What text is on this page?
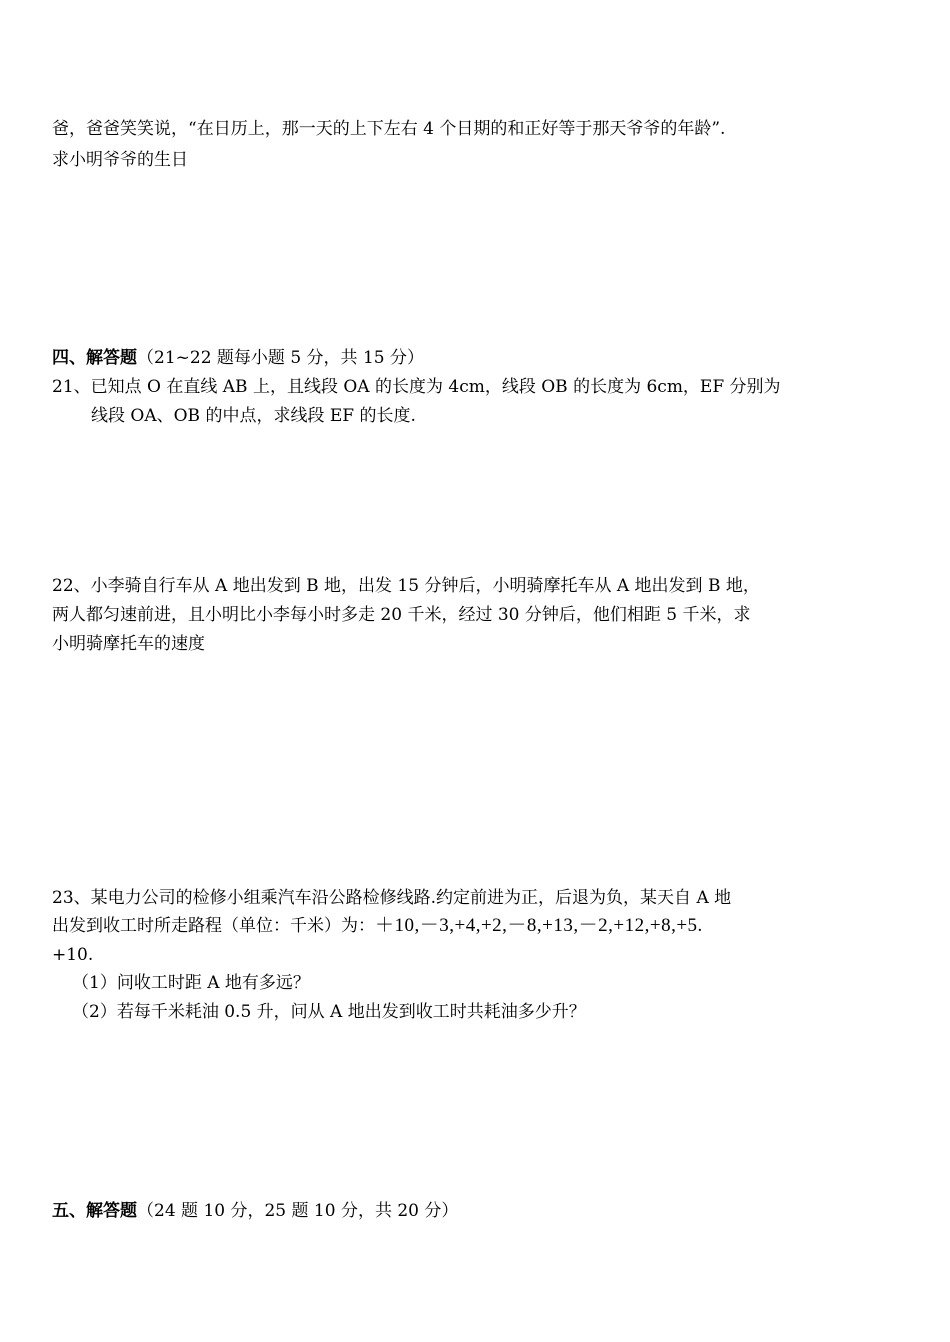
爸，爸爸笑笑说，“在日历上，那一天的上下左右 4 个日期的和正好等于那天爷爷的年龄”.
求小明爷爷的生日
四、解答题（21~22 题每小题 5 分，共 15 分）
21、已知点 O 在直线 AB 上，且线段 OA 的长度为 4cm，线段 OB 的长度为 6cm，EF 分别为
线段 OA、OB 的中点，求线段 EF 的长度.
22、小李骑自行车从 A 地出发到 B 地，出发 15 分钟后，小明骑摩托车从 A 地出发到 B 地，
两人都匀速前进，且小明比小李每小时多走 20 千米，经过 30 分钟后，他们相距 5 千米，求
小明骑摩托车的速度
23、某电力公司的检修小组乘汽车沿公路检修线路.约定前进为正，后退为负，某天自 A 地
出发到收工时所走路程（单位：千米）为：＋10,－3,+4,+2,－8,+13,－2,+12,+8,+5.
+10.
（1）问收工时距 A 地有多远？
（2）若每千米耗油 0.5 升，问从 A 地出发到收工时共耗油多少升？
五、解答题（24 题 10 分，25 题 10 分，共 20 分）
